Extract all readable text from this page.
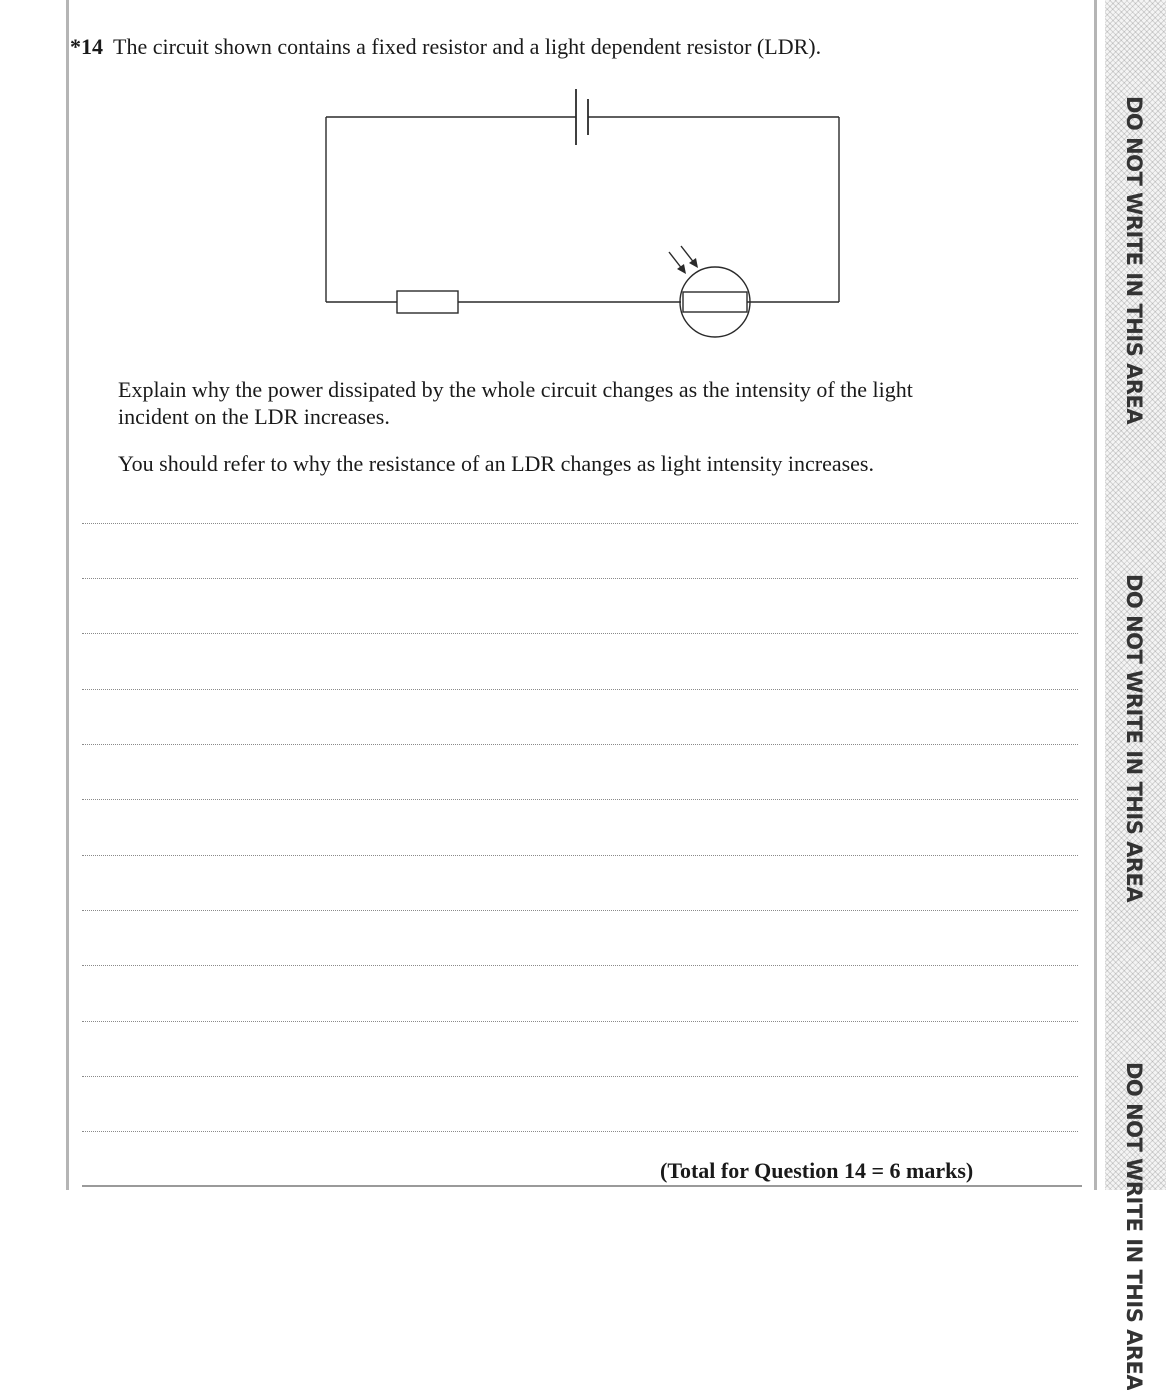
DO NOT WRITE IN THIS AREA
DO NOT WRITE IN THIS AREA
DO NOT WRITE IN THIS AREA
*14 The circuit shown contains a fixed resistor and a light dependent resistor (LDR).
Explain why the power dissipated by the whole circuit changes as the intensity of the light incident on the LDR increases.
You should refer to why the resistance of an LDR changes as light intensity increases.
(Total for Question 14 = 6 marks)
